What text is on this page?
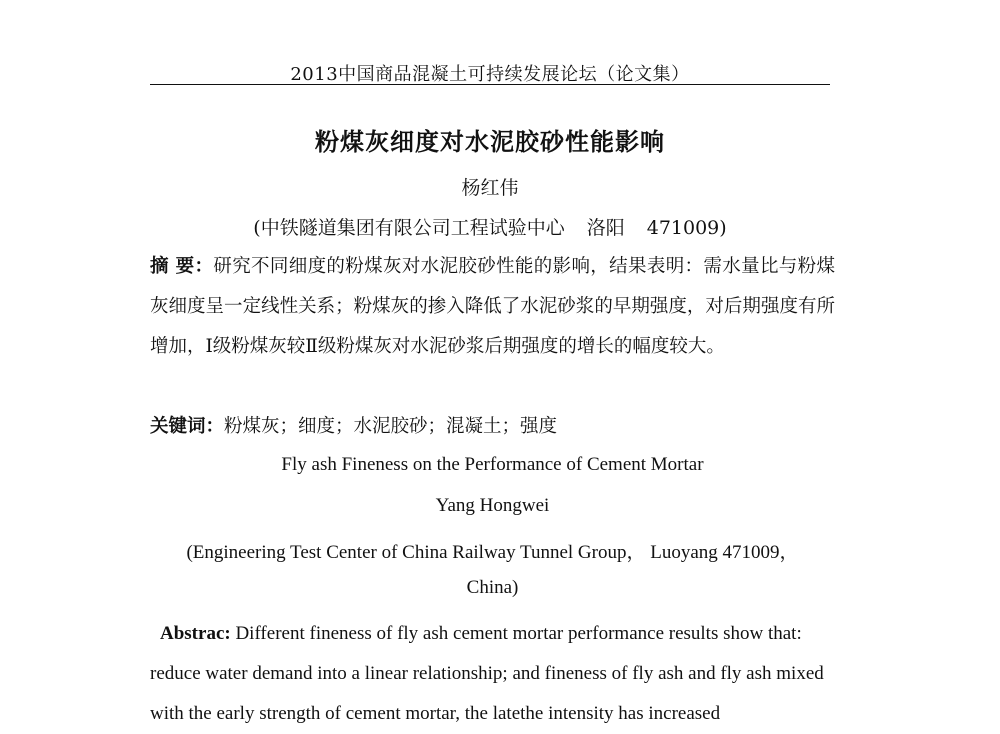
2013中国商品混凝土可持续发展论坛（论文集）
粉煤灰细度对水泥胶砂性能影响
杨红伟
(中铁隧道集团有限公司工程试验中心 洛阳 471009)
摘 要：研究不同细度的粉煤灰对水泥胶砂性能的影响，结果表明：需水量比与粉煤灰细度呈一定线性关系；粉煤灰的掺入降低了水泥砂浆的早期强度，对后期强度有所增加，Ⅰ级粉煤灰较Ⅱ级粉煤灰对水泥砂浆后期强度的增长的幅度较大。
关键词：粉煤灰；细度；水泥胶砂；混凝土；强度
Fly ash Fineness on the Performance of Cement Mortar
Yang Hongwei
(Engineering Test Center of China Railway Tunnel Group， Luoyang 471009，
China)
Abstrac: Different fineness of fly ash cement mortar performance results show that: reduce water demand into a linear relationship; and fineness of fly ash and fly ash mixed with the early strength of cement mortar, the latethe intensity has increased
